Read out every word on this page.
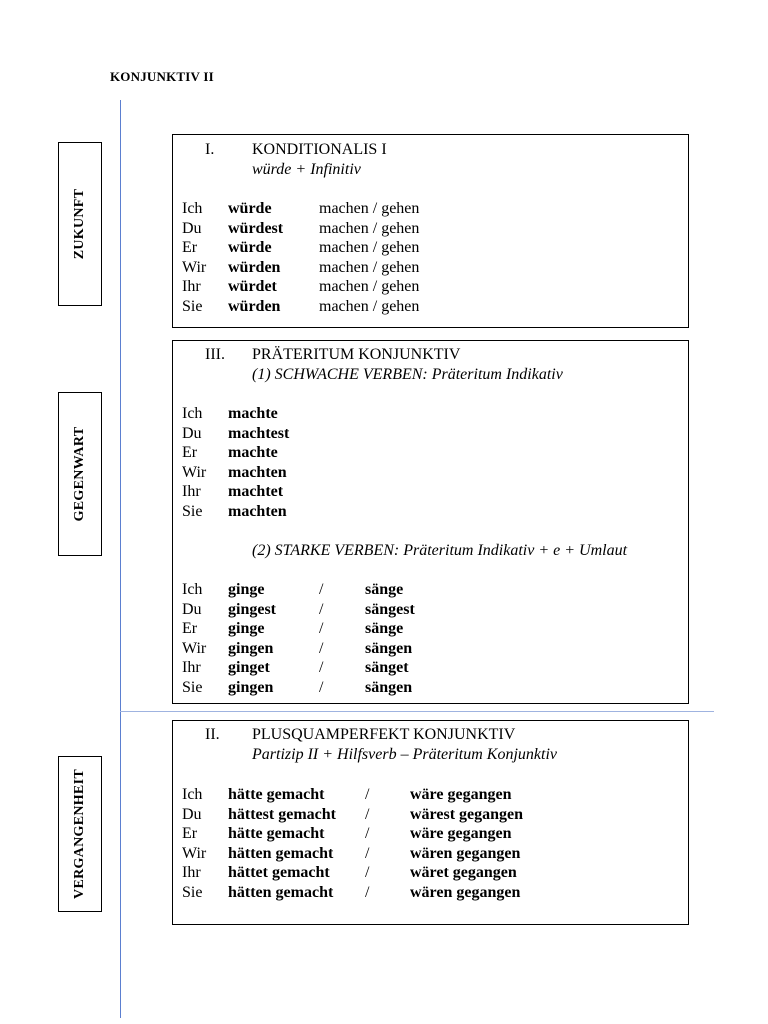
KONJUNKTIV II
ZUKUNFT
GEGENWART
VERGANGENHEIT
I. KONDITIONALIS I
würde + Infinitiv
Ich würde	machen / gehen
Du würdest machen / gehen
Er würde	machen / gehen
Wir würden machen / gehen
Ihr würdet	machen / gehen
Sie würden machen / gehen
III. PRÄTERITUM KONJUNKTIV
(1) SCHWACHE VERBEN: Präteritum Indikativ
Ich machte
Du machtest
Er machte
Wir machten
Ihr machtet
Sie machten
(2) STARKE VERBEN: Präteritum Indikativ + e + Umlaut
Ich ginge	/	sänge
Du gingest	/	sängest
Er ginge	/	sänge
Wir gingen	/	sängen
Ihr ginget	/	sänget
Sie gingen	/	sängen
II. PLUSQUAMPERFEKT KONJUNKTIV
Partizip II + Hilfsverb – Präteritum Konjunktiv
Ich hätte gemacht	/	wäre gegangen
Du hättest gemacht /	wärest gegangen
Er hätte gemacht	/	wäre gegangen
Wir hätten gemacht /	wären gegangen
Ihr hättet gemacht /	wäret gegangen
Sie hätten gemacht /	wären gegangen
